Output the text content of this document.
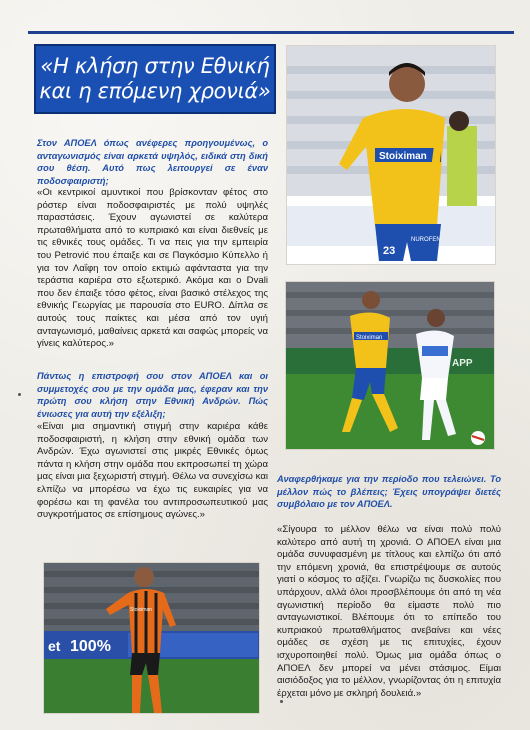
«Η κλήση στην Εθνική
και η επόμενη χρονιά»
Στον ΑΠΟΕΛ όπως ανέφερες προηγουμένως, ο ανταγωνισμός είναι αρκετά υψηλός, ειδικά στη δική σου θέση. Αυτό πως λειτουργεί σε έναν ποδοσφαιριστή;
«Οι κεντρικοί αμυντικοί που βρίσκονταν φέτος στο ρόστερ είναι ποδοσφαιριστές με πολύ υψηλές παραστάσεις. Έχουν αγωνιστεί σε καλύτερα πρωταθλήματα από το κυπριακό και είναι διεθνείς με τις εθνικές τους ομάδες. Τι να πεις για την εμπειρία του Petrović που έπαιξε και σε Παγκόσμιο Κύπελλο ή για τον Λαΐφη τον οποίο εκτιμώ αφάνταστα για την τεράστια καριέρα στο εξωτερικό. Ακόμα και ο Dvali που δεν έπαιξε τόσο φέτος, είναι βασικό στέλεχος της εθνικής Γεωργίας με παρουσία στο EURO. Δίπλα σε αυτούς τους παίκτες και μέσα από τον υγιή ανταγωνισμό, μαθαίνεις αρκετά και σαφώς μπορείς να γίνεις καλύτερος.»
Πάντως η επιστροφή σου στον ΑΠΟΕΛ και οι συμμετοχές σου με την ομάδα μας, έφεραν και την πρώτη σου κλήση στην Εθνική Ανδρών. Πώς ένιωσες για αυτή την εξέλιξη;
«Είναι μια σημαντική στιγμή στην καριέρα κάθε ποδοσφαιριστή, η κλήση στην εθνική ομάδα των Ανδρών. Έχω αγωνιστεί στις μικρές Εθνικές όμως πάντα η κλήση στην ομάδα που εκπροσωπεί τη χώρα μας είναι μια ξεχωριστή στιγμή. Θέλω να συνεχίσω και ελπίζω να μπορέσω να έχω τις ευκαιρίες για να φορέσω και τη φανέλα του αντιπροσωπευτικού μας συγκροτήματος σε επίσημους αγώνες.»
Αναφερθήκαμε για την περίοδο που τελειώνει. Το μέλλον πώς το βλέπεις; Έχεις υπογράψει διετές συμβόλαιο με τον ΑΠΟΕΛ.
«Σίγουρα το μέλλον θέλω να είναι πολύ πολύ καλύτερο από αυτή τη χρονιά. Ο ΑΠΟΕΛ είναι μια ομάδα συνυφασμένη με τίτλους και ελπίζω ότι από την επόμενη χρονιά, θα επιστρέψουμε σε αυτούς γιατί ο κόσμος το αξίζει. Γνωρίζω τις δυσκολίες που υπάρχουν, αλλά όλοι προσβλέπουμε ότι από τη νέα αγωνιστική περίοδο θα είμαστε πολύ πιο ανταγωνιστικοί. Βλέπουμε ότι το επίπεδο του κυπριακού πρωταθλήματος ανεβαίνει και νέες ομάδες σε σχέση με τις επιτυχίες, έχουν ισχυροποιηθεί πολύ. Όμως μια ομάδα όπως ο ΑΠΟΕΛ δεν μπορεί να μένει στάσιμος. Είμαι αισιόδοξος για το μέλλον, γνωρίζοντας ότι η επιτυχία έρχεται μόνο με σκληρή δουλειά.»
Stoiximan
23
NUROFEN
APP
Stoiximan
et 100%
Stoiximan
